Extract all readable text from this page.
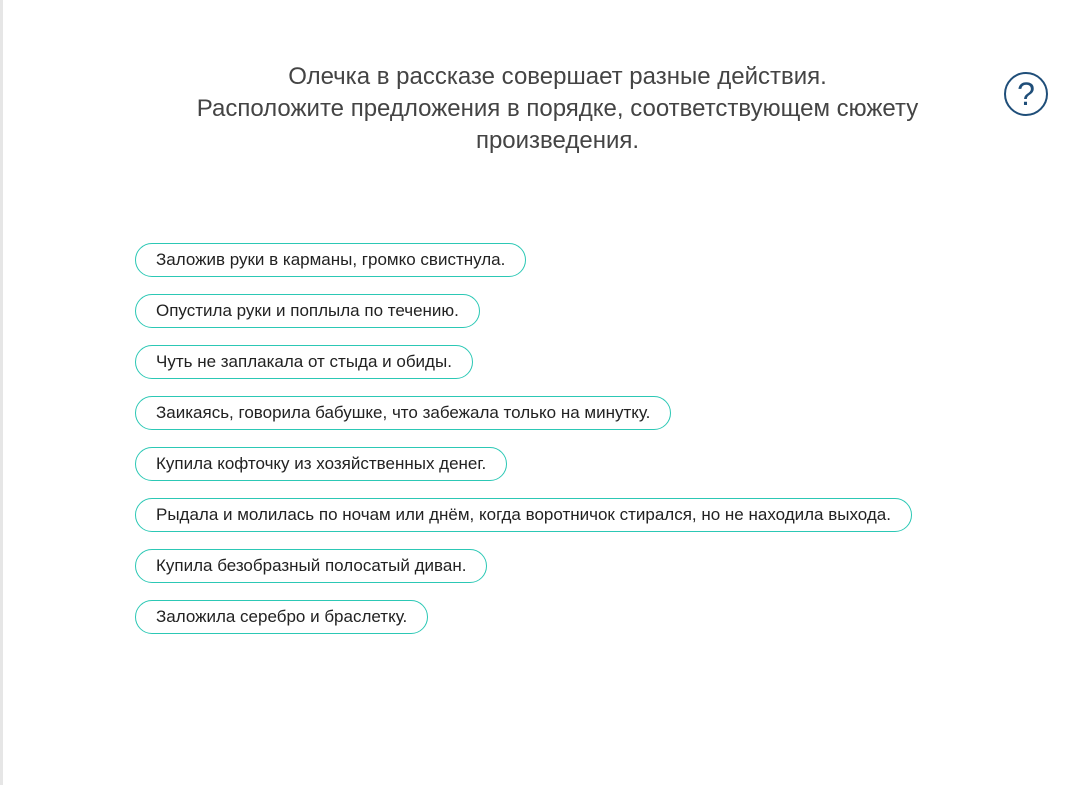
Олечка в рассказе совершает разные действия.
Расположите предложения в порядке, соответствующем сюжету
произведения.
?
Заложив руки в карманы, громко свистнула.
Опустила руки и поплыла по течению.
Чуть не заплакала от стыда и обиды.
Заикаясь, говорила бабушке, что забежала только на минутку.
Купила кофточку из хозяйственных денег.
Рыдала и молилась по ночам или днём, когда воротничок стирался, но не находила выхода.
Купила безобразный полосатый диван.
Заложила серебро и браслетку.
